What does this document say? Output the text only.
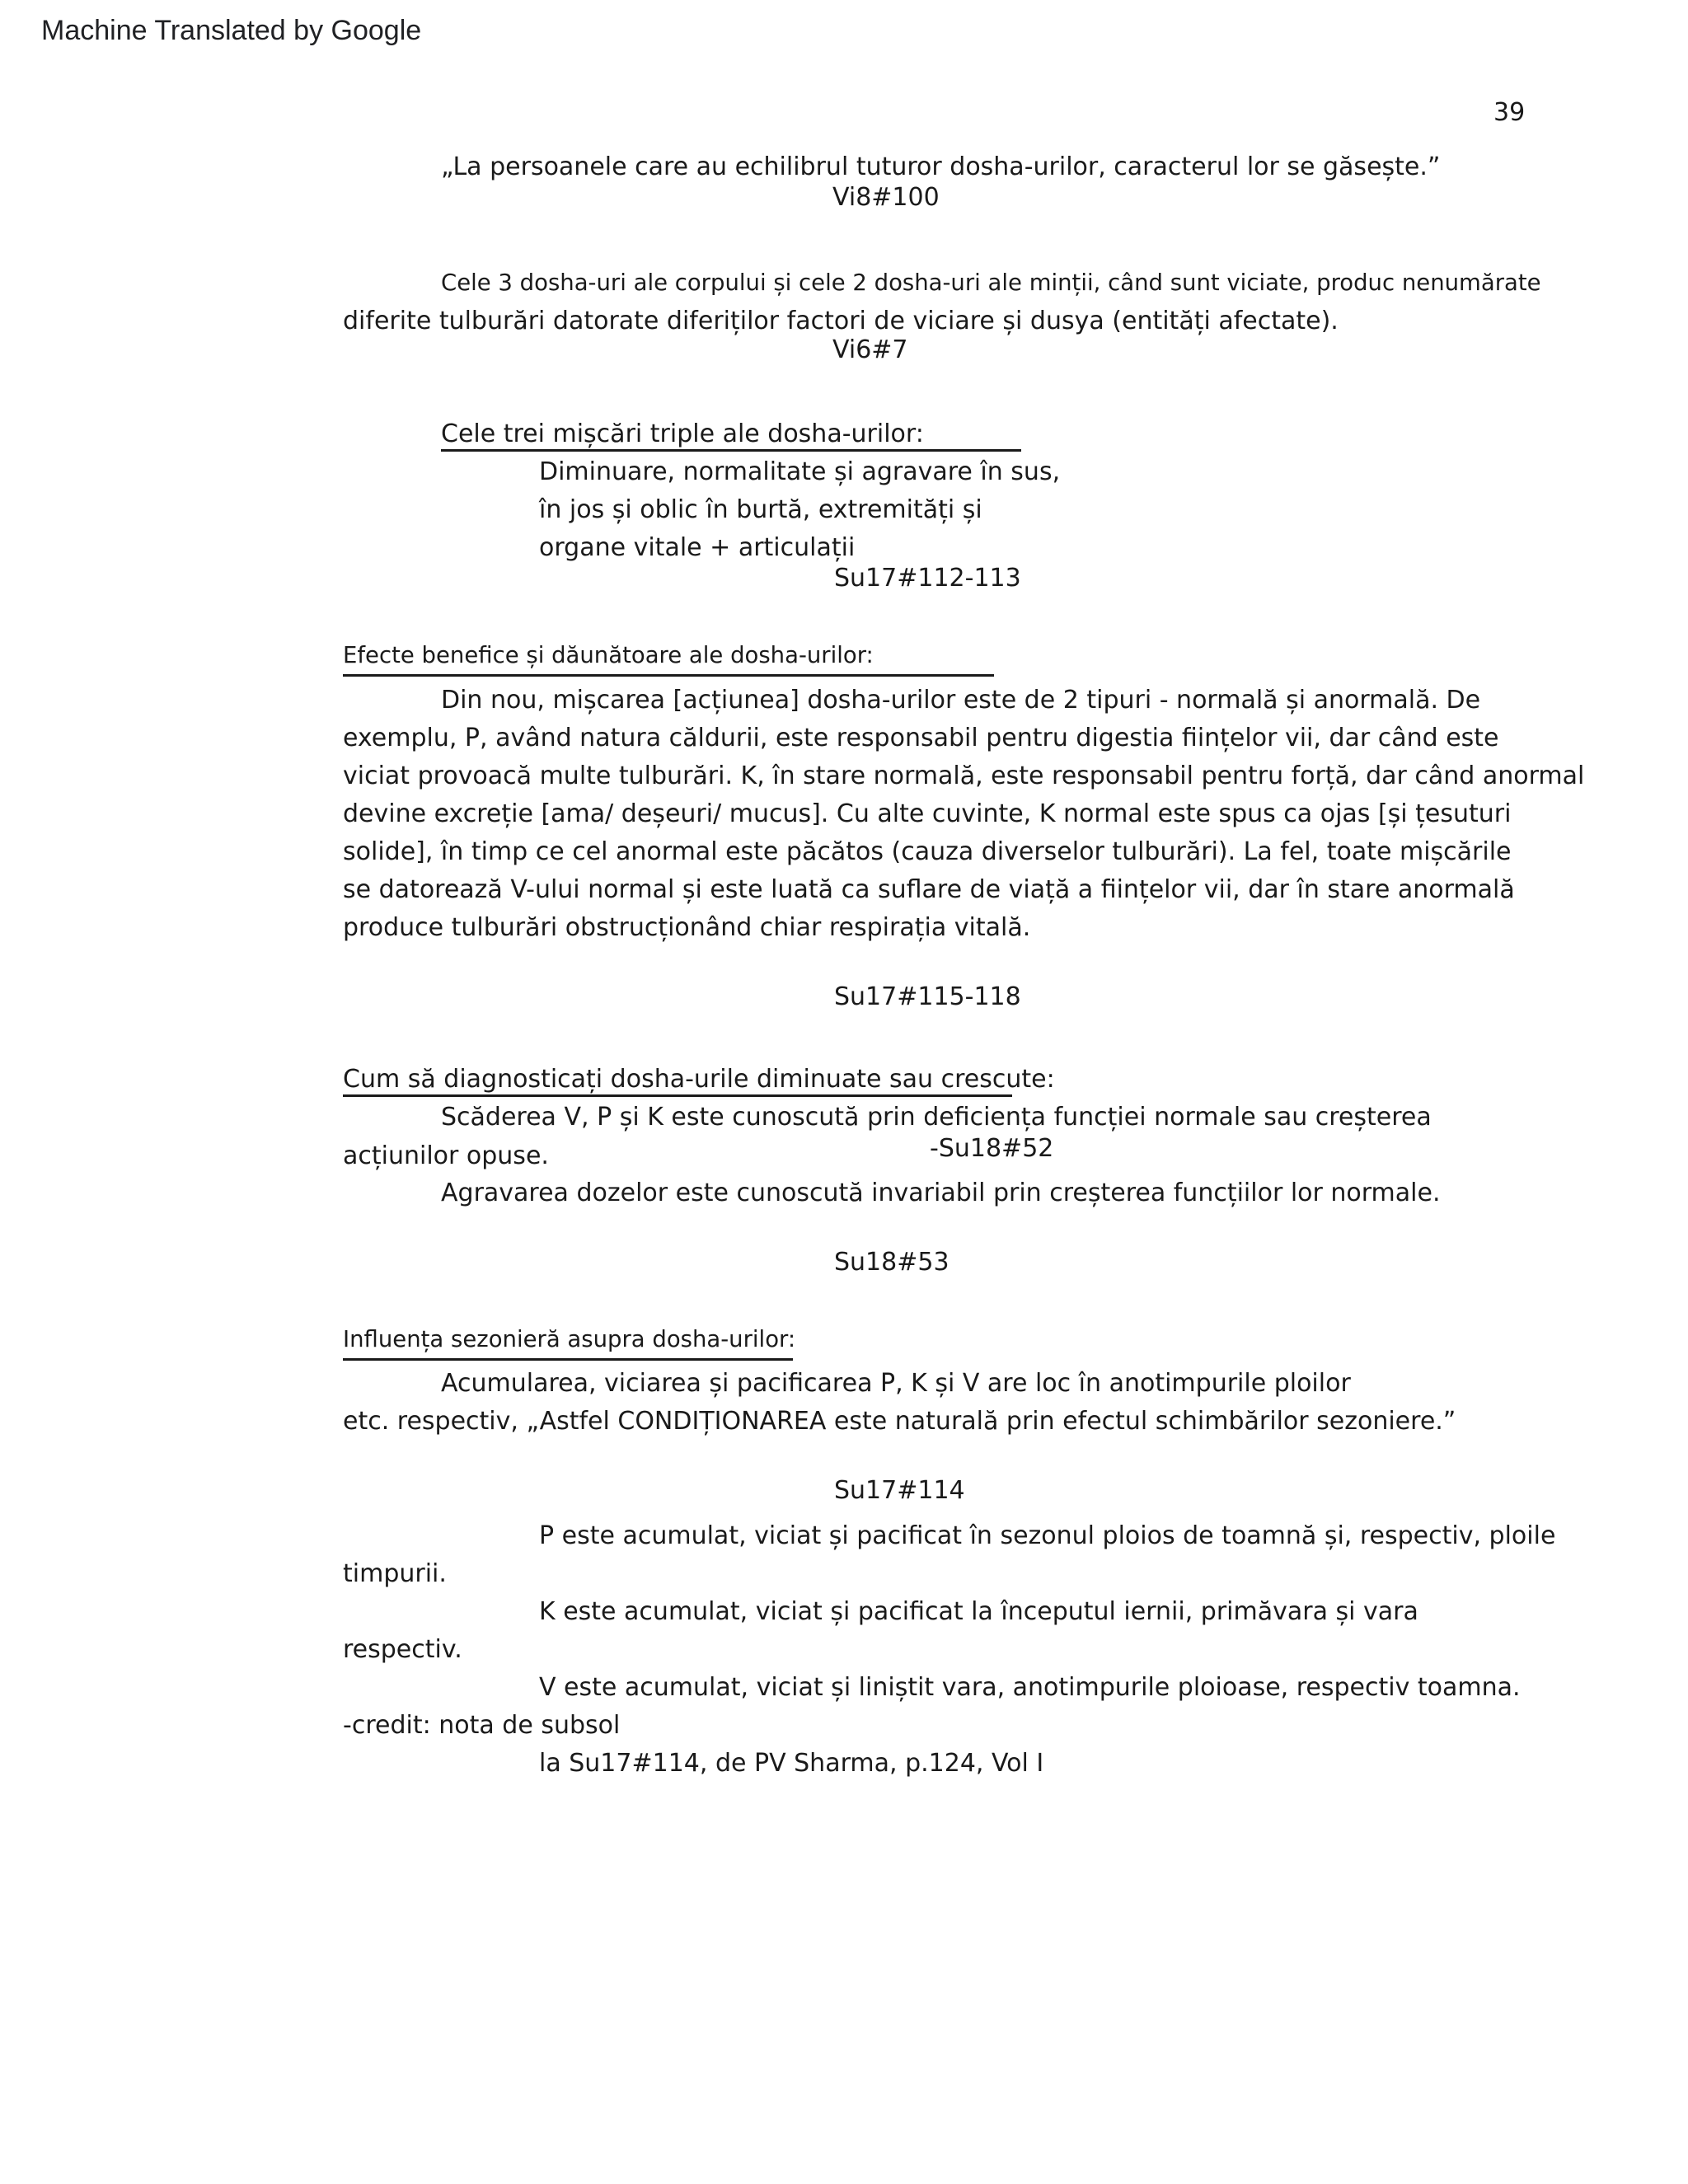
Machine Translated by Google
39
„La persoanele care au echilibrul tuturor dosha-urilor, caracterul lor se găsește.”
Vi8#100
Cele 3 dosha-uri ale corpului și cele 2 dosha-uri ale minții, când sunt viciate, produc nenumărate
diferite tulburări datorate diferiților factori de viciare și dusya (entități afectate).
Vi6#7
Cele trei mișcări triple ale dosha-urilor:
Diminuare, normalitate și agravare în sus,
în jos și oblic în burtă, extremități și
organe vitale + articulații
Su17#112-113
Efecte benefice și dăunătoare ale dosha-urilor:
Din nou, mișcarea [acțiunea] dosha-urilor este de 2 tipuri - normală și anormală. De
exemplu, P, având natura căldurii, este responsabil pentru digestia ființelor vii, dar când este
viciat provoacă multe tulburări. K, în stare normală, este responsabil pentru forță, dar când anormal
devine excreție [ama/ deșeuri/ mucus]. Cu alte cuvinte, K normal este spus ca ojas [și țesuturi
solide], în timp ce cel anormal este păcătos (cauza diverselor tulburări). La fel, toate mișcările
se datorează V-ului normal și este luată ca suflare de viață a ființelor vii, dar în stare anormală
produce tulburări obstrucționând chiar respirația vitală.
Su17#115-118
Cum să diagnosticați dosha-urile diminuate sau crescute:
Scăderea V, P și K este cunoscută prin deficiența funcției normale sau creșterea
acțiunilor opuse.	-Su18#52
Agravarea dozelor este cunoscută invariabil prin creșterea funcțiilor lor normale.
Su18#53
Influența sezonieră asupra dosha-urilor:
Acumularea, viciarea și pacificarea P, K și V are loc în anotimpurile ploilor
etc. respectiv, „Astfel CONDIȚIONAREA este naturală prin efectul schimbărilor sezoniere.”
Su17#114
P este acumulat, viciat și pacificat în sezonul ploios de toamnă și, respectiv, ploile
timpurii.
K este acumulat, viciat și pacificat la începutul iernii, primăvara și vara
respectiv.
V este acumulat, viciat și liniștit vara, anotimpurile ploioase, respectiv toamna.
-credit: nota de subsol
la Su17#114, de PV Sharma, p.124, Vol I
